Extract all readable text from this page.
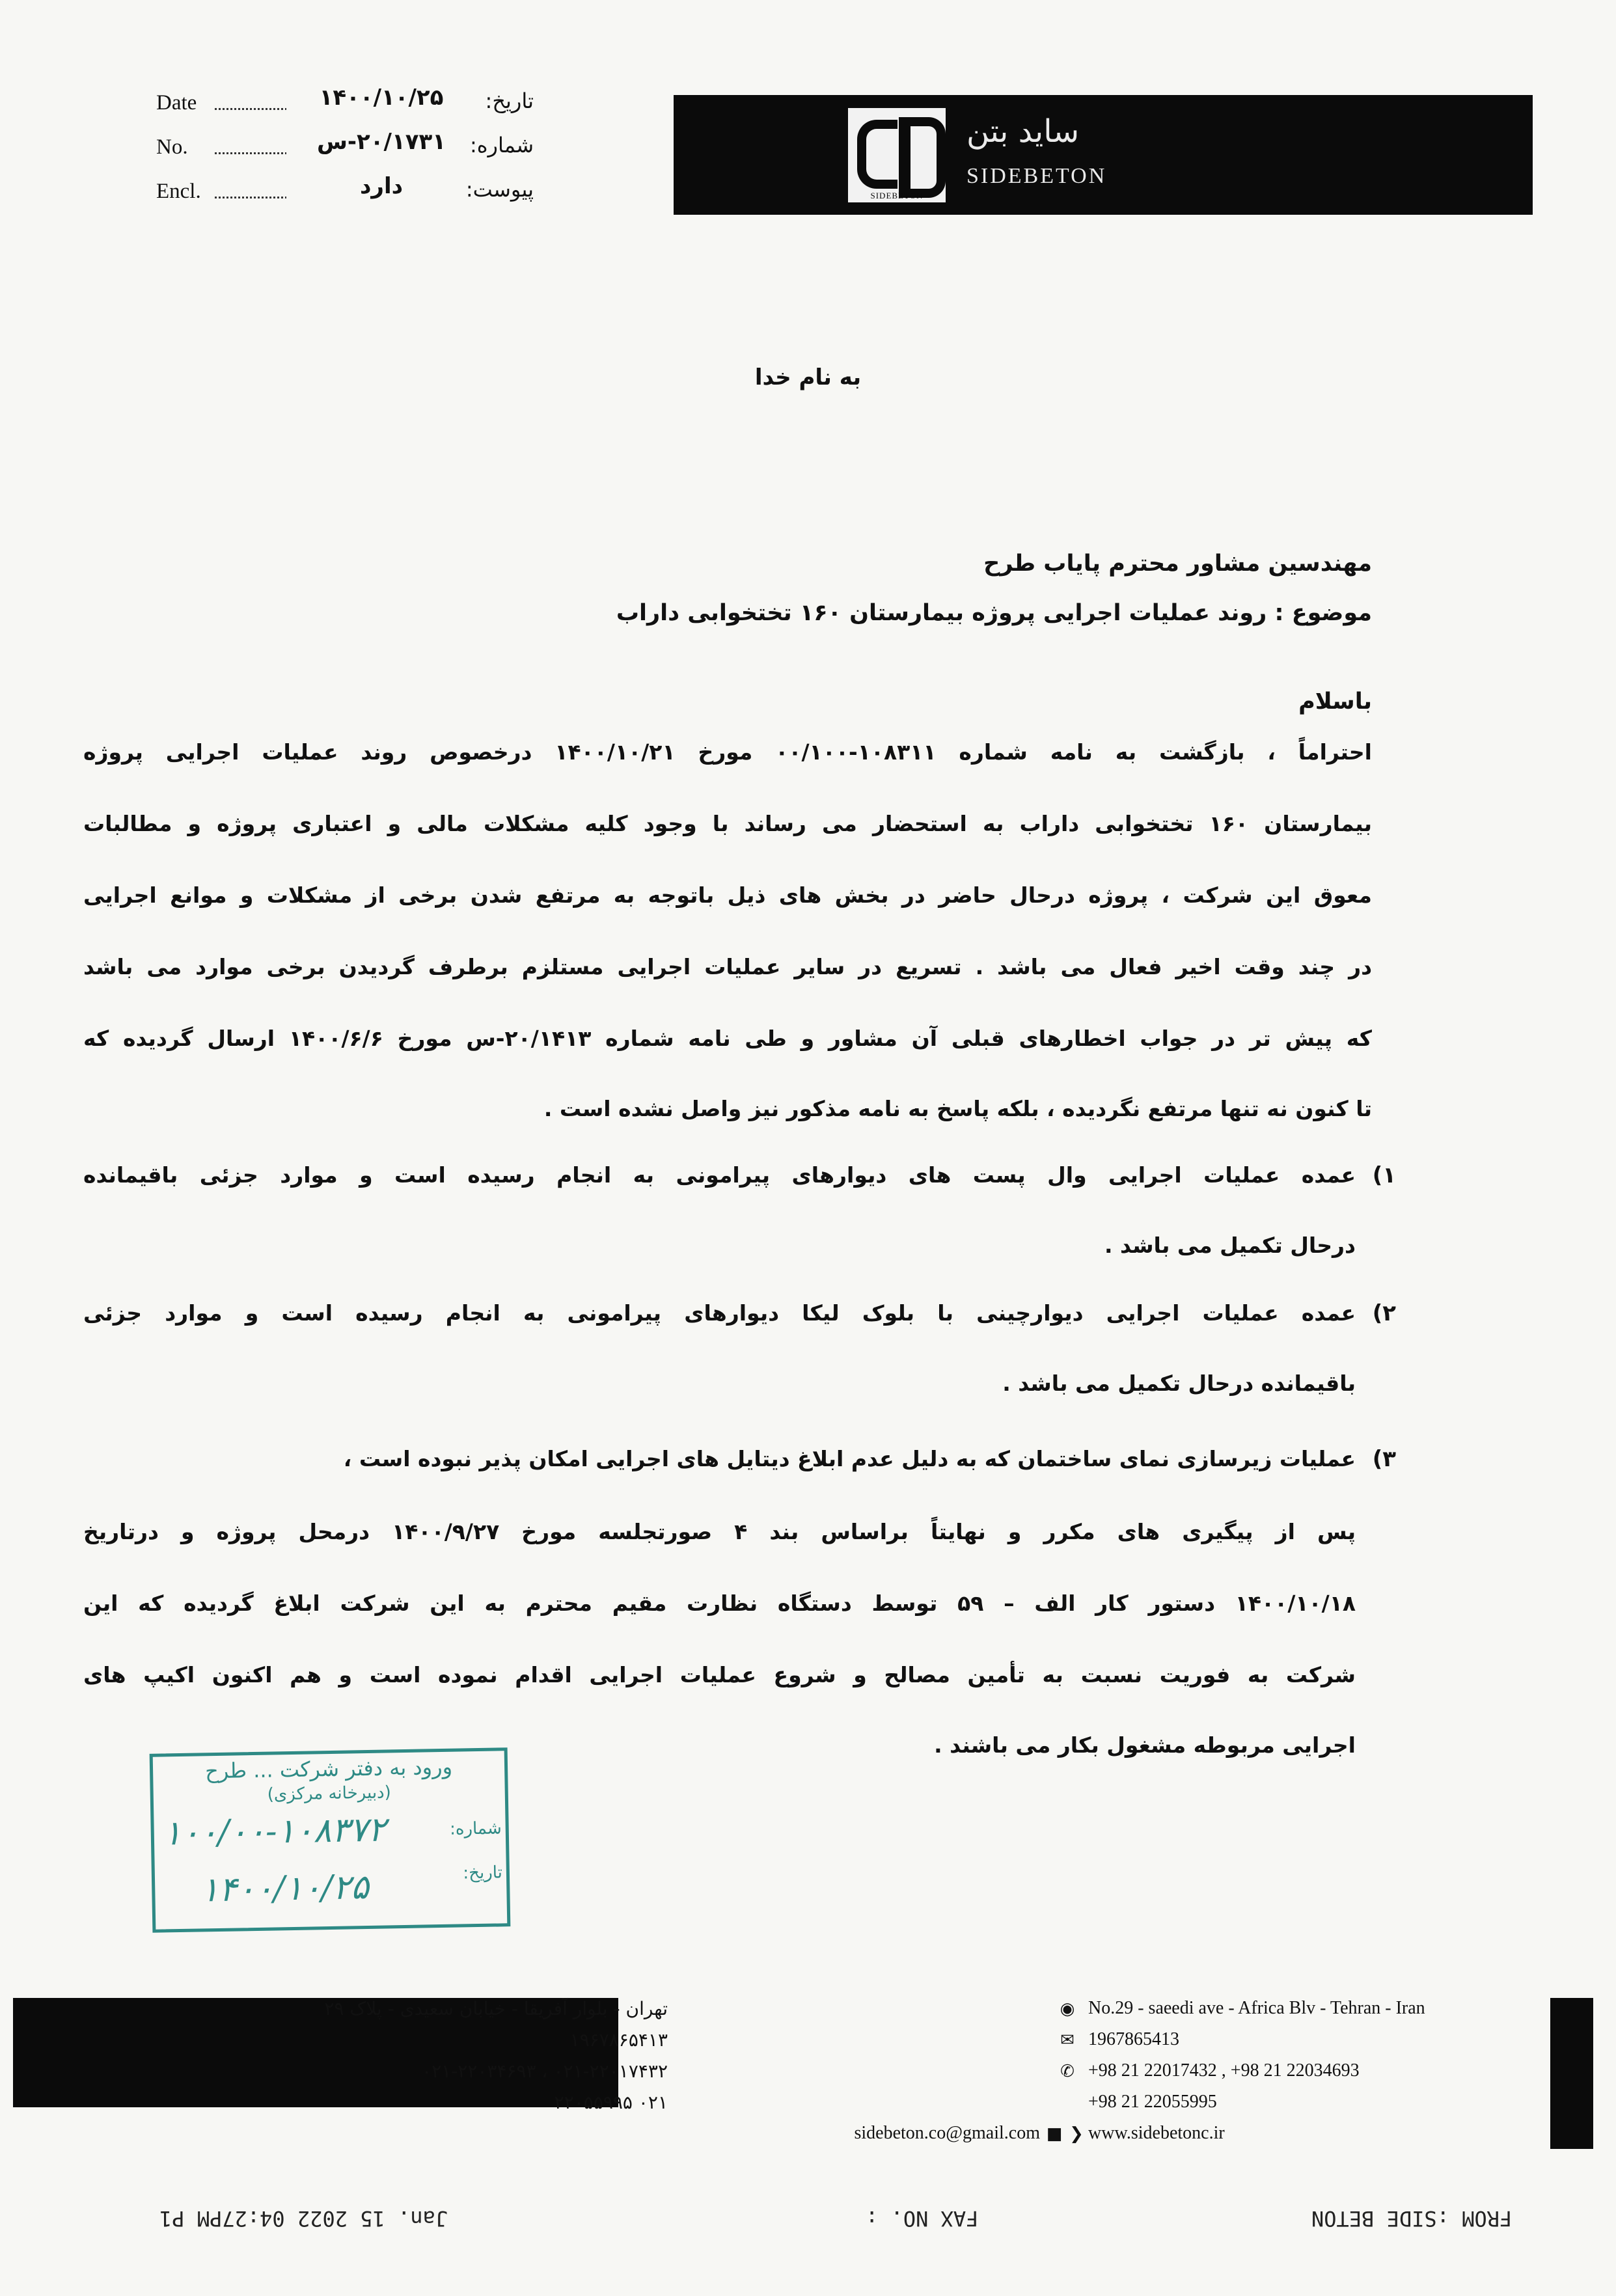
Date	۱۴۰۰/۱۰/۲۵	تاریخ:
No.	۲۰/۱۷۳۱-س	شماره:
Encl.	دارد	پیوست:	SIDEBETON
ساید بتن
SIDEBETON
به نام خدا
مهندسین مشاور محترم پایاب طرح
موضوع : روند عملیات اجرایی پروژه بیمارستان ۱۶۰ تختخوابی داراب
باسلام
احتراماً ، بازگشت به نامه شماره ۱۰۸۳۱۱-۰۰/۱۰۰ مورخ ۱۴۰۰/۱۰/۲۱ درخصوص روند عملیات اجرایی پروژه
بیمارستان ۱۶۰ تختخوابی داراب به استحضار می رساند با وجود کلیه مشکلات مالی و اعتباری پروژه و مطالبات
معوق این شرکت ، پروژه درحال حاضر در بخش های ذیل باتوجه به مرتفع شدن برخی از مشکلات و موانع اجرایی
در چند وقت اخیر فعال می باشد . تسریع در سایر عملیات اجرایی مستلزم برطرف گردیدن برخی موارد می باشد
که پیش تر در جواب اخطارهای قبلی آن مشاور و طی نامه شماره ۲۰/۱۴۱۳-س مورخ ۱۴۰۰/۶/۶ ارسال گردیده که
تا کنون نه تنها مرتفع نگردیده ، بلکه پاسخ به نامه مذکور نیز واصل نشده است .
۱)
عمده عملیات اجرایی وال پست های دیوارهای پیرامونی به انجام رسیده است و موارد جزئی باقیمانده
درحال تکمیل می باشد .
۲)
عمده عملیات اجرایی دیوارچینی با بلوک لیکا دیوارهای پیرامونی به انجام رسیده است و موارد جزئی
باقیمانده درحال تکمیل می باشد .
۳)
عملیات زیرسازی نمای ساختمان که به دلیل عدم ابلاغ دیتایل های اجرایی امکان پذیر نبوده است ،
پس از پیگیری های مکرر و نهایتاً براساس بند ۴ صورتجلسه مورخ ۱۴۰۰/۹/۲۷ درمحل پروژه و درتاریخ
۱۴۰۰/۱۰/۱۸ دستور کار الف – ۵۹ توسط دستگاه نظارت مقیم محترم به این شرکت ابلاغ گردیده که این
شرکت به فوریت نسبت به تأمین مصالح و شروع عملیات اجرایی اقدام نموده است و هم اکنون اکیپ های
اجرایی مربوطه مشغول بکار می باشند .
ورود به دفتر شرکت ... طرح
(دبیرخانه مرکزی)
شماره:
۱۰۰/۰۰-۱۰۸۳۷۲
تاریخ:
۱۴۰۰/۱۰/۲۵
تهران - بلوار آفریقا - خیابان سعیدی - پلاک ۲۹	◉ No.29 - saeedi ave - Africa Blv - Tehran - Iran
۱۹۶۷۸۶۵۴۱۳	✉ 1967865413
۰۲۱-۲۲۰۱۷۴۳۲ ، ۰۲۱-۲۲۰۳۴۶۹۳	✆ +98 21 22017432 , +98 21 22034693
۰۲۱ ۲۲۰۵۵۹۹۵	+98 21 22055995
sidebeton.co@gmail.com ■ ❯ www.sidebetonc.ir
FROM :SIDE BETON
FAX NO. :
Jan. 15 2022 04:27PM P1
